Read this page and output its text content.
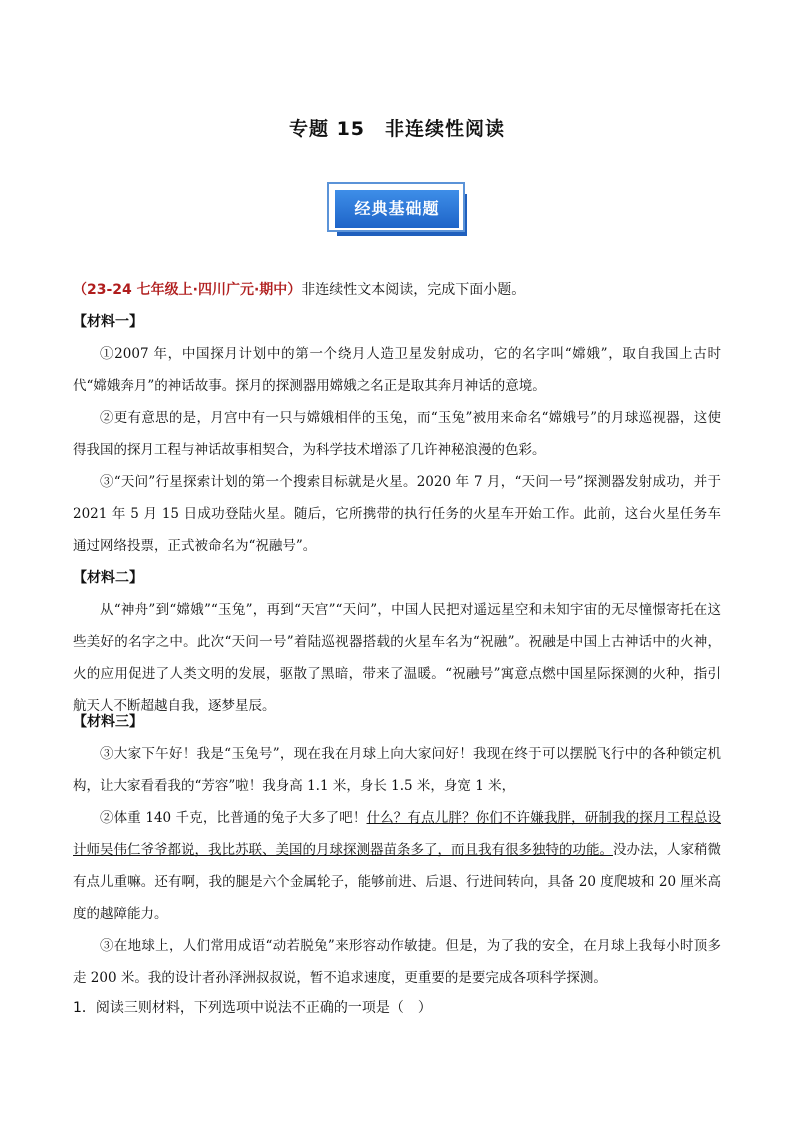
专题 15　非连续性阅读
经典基础题
（23-24 七年级上·四川广元·期中）非连续性文本阅读，完成下面小题。
【材料一】
①2007 年，中国探月计划中的第一个绕月人造卫星发射成功，它的名字叫“嫦娥”，取自我国上古时代“嫦娥奔月”的神话故事。探月的探测器用嫦娥之名正是取其奔月神话的意境。
②更有意思的是，月宫中有一只与嫦娥相伴的玉兔，而“玉兔”被用来命名“嫦娥号”的月球巡视器，这使得我国的探月工程与神话故事相契合，为科学技术增添了几许神秘浪漫的色彩。
③“天问”行星探索计划的第一个搜索目标就是火星。2020 年 7 月，“天问一号”探测器发射成功，并于 2021 年 5 月 15 日成功登陆火星。随后，它所携带的执行任务的火星车开始工作。此前，这台火星任务车通过网络投票，正式被命名为“祝融号”。
【材料二】
从“神舟”到“嫦娥”“玉兔”，再到“天宫”“天问”，中国人民把对遥远星空和未知宇宙的无尽憧憬寄托在这些美好的名字之中。此次“天问一号”着陆巡视器搭载的火星车名为“祝融”。祝融是中国上古神话中的火神，火的应用促进了人类文明的发展，驱散了黑暗，带来了温暖。“祝融号”寓意点燃中国星际探测的火种，指引航天人不断超越自我，逐梦星辰。
【材料三】
③大家下午好！我是“玉兔号”，现在我在月球上向大家问好！我现在终于可以摆脱飞行中的各种锁定机构，让大家看看我的“芳容”啦！我身高 1.1 米，身长 1.5 米，身宽 1 米，
②体重 140 千克，比普通的兔子大多了吧！什么？有点儿胖？你们不许嫌我胖，研制我的探月工程总设计师吴伟仁爷爷都说，我比苏联、美国的月球探测器苗条多了，而且我有很多独特的功能。没办法，人家稍微有点儿重嘛。还有啊，我的腿是六个金属轮子，能够前进、后退、行进间转向，具备 20 度爬坡和 20 厘米高度的越障能力。
③在地球上，人们常用成语“动若脱兔”来形容动作敏捷。但是，为了我的安全，在月球上我每小时顶多走 200 米。我的设计者孙泽洲叔叔说，暂不追求速度，更重要的是要完成各项科学探测。
1．阅读三则材料，下列选项中说法不正确的一项是（　）
